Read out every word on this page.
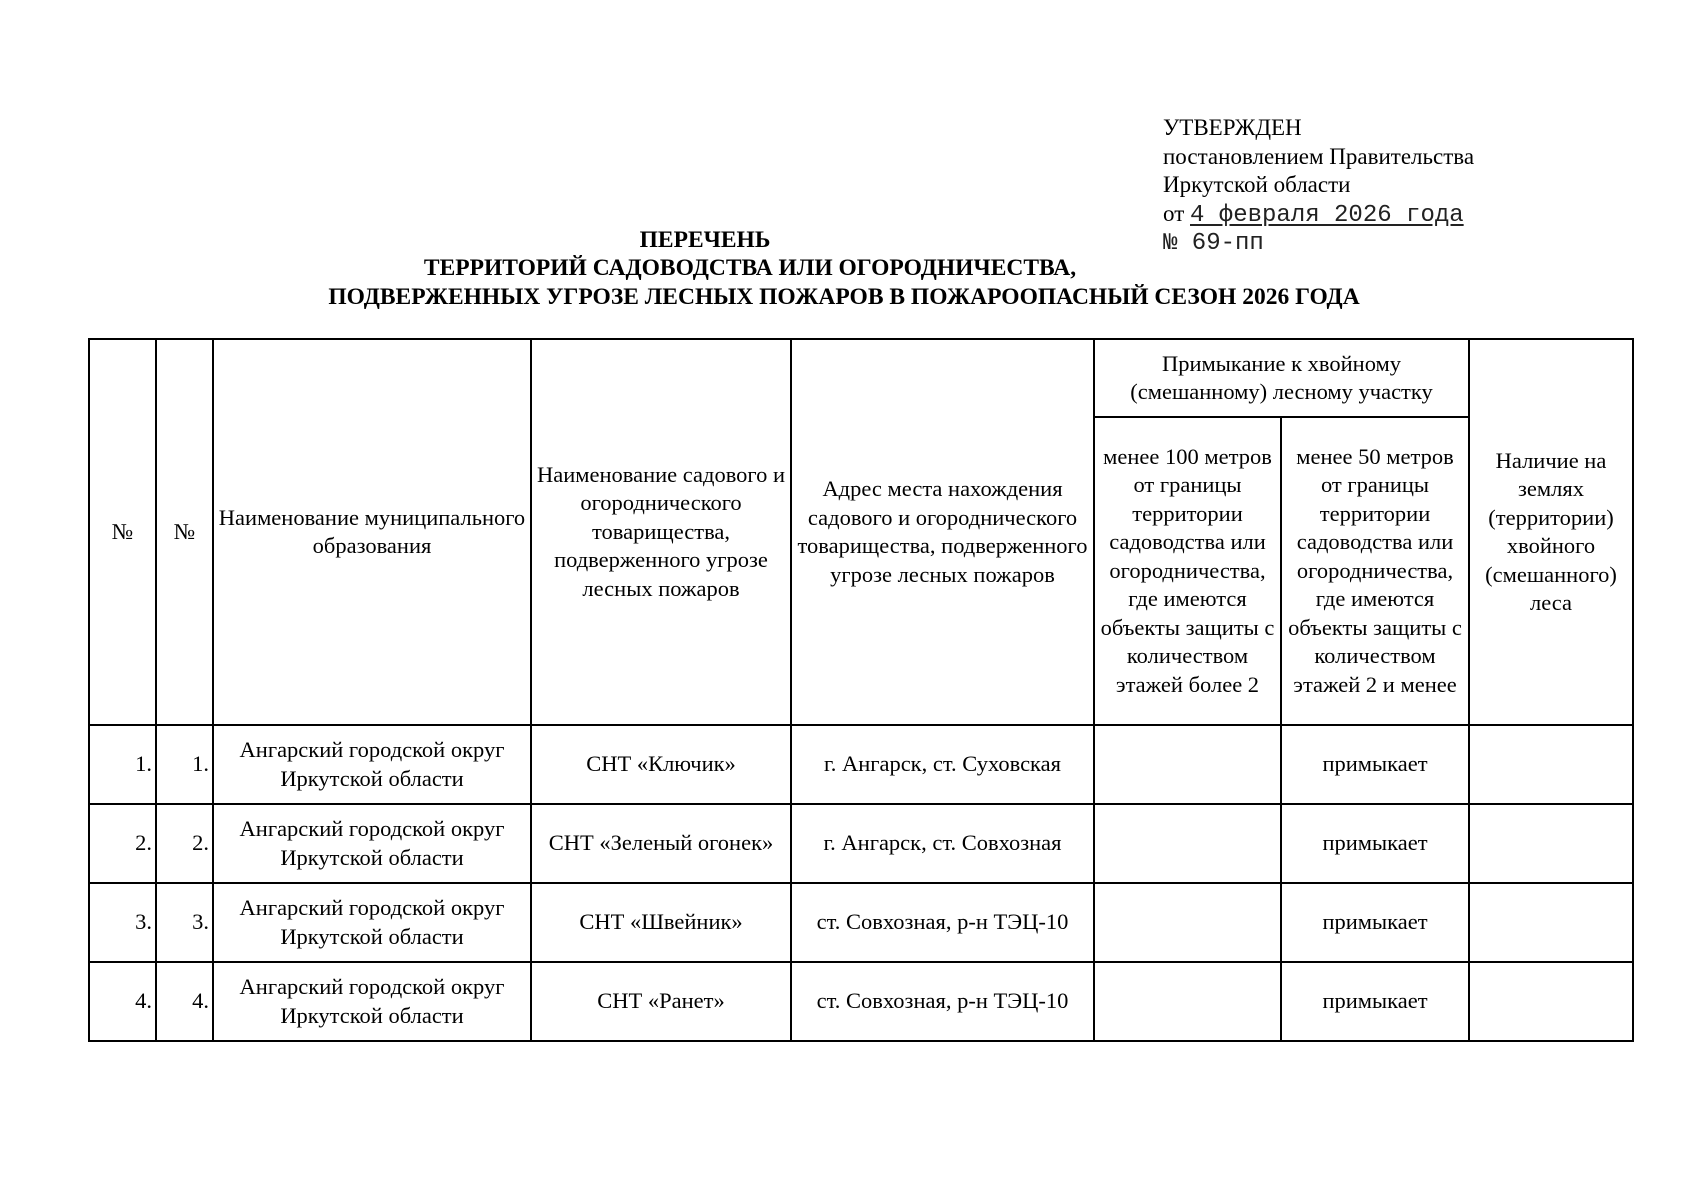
УТВЕРЖДЕН
постановлением Правительства
Иркутской области
от 4 февраля 2026 года
№ 69-пп
ПЕРЕЧЕНЬ
ТЕРРИТОРИЙ САДОВОДСТВА ИЛИ ОГОРОДНИЧЕСТВА,
ПОДВЕРЖЕННЫХ УГРОЗЕ ЛЕСНЫХ ПОЖАРОВ В ПОЖАРООПАСНЫЙ СЕЗОН 2026 ГОДА
№	№	Наименование муниципального образования	Наименование садового и огороднического товарищества, подверженного угрозе лесных пожаров	Адрес места нахождения садового и огороднического товарищества, подверженного угрозе лесных пожаров	Примыкание к хвойному (смешанному) лесному участку		Наличие на землях (территории) хвойного (смешанного) леса
					менее 100 метров от границы территории садоводства или огородничества, где имеются объекты защиты с количеством этажей более 2	менее 50 метров от границы территории садоводства или огородничества, где имеются объекты защиты с количеством этажей 2 и менее	
1.	1.	Ангарский городской округ Иркутской области	СНТ «Ключик»	г. Ангарск, ст. Суховская		примыкает	
2.	2.	Ангарский городской округ Иркутской области	СНТ «Зеленый огонек»	г. Ангарск, ст. Совхозная		примыкает	
3.	3.	Ангарский городской округ Иркутской области	СНТ «Швейник»	ст. Совхозная, р-н ТЭЦ-10		примыкает	
4.	4.	Ангарский городской округ Иркутской области	СНТ «Ранет»	ст. Совхозная, р-н ТЭЦ-10		примыкает	
